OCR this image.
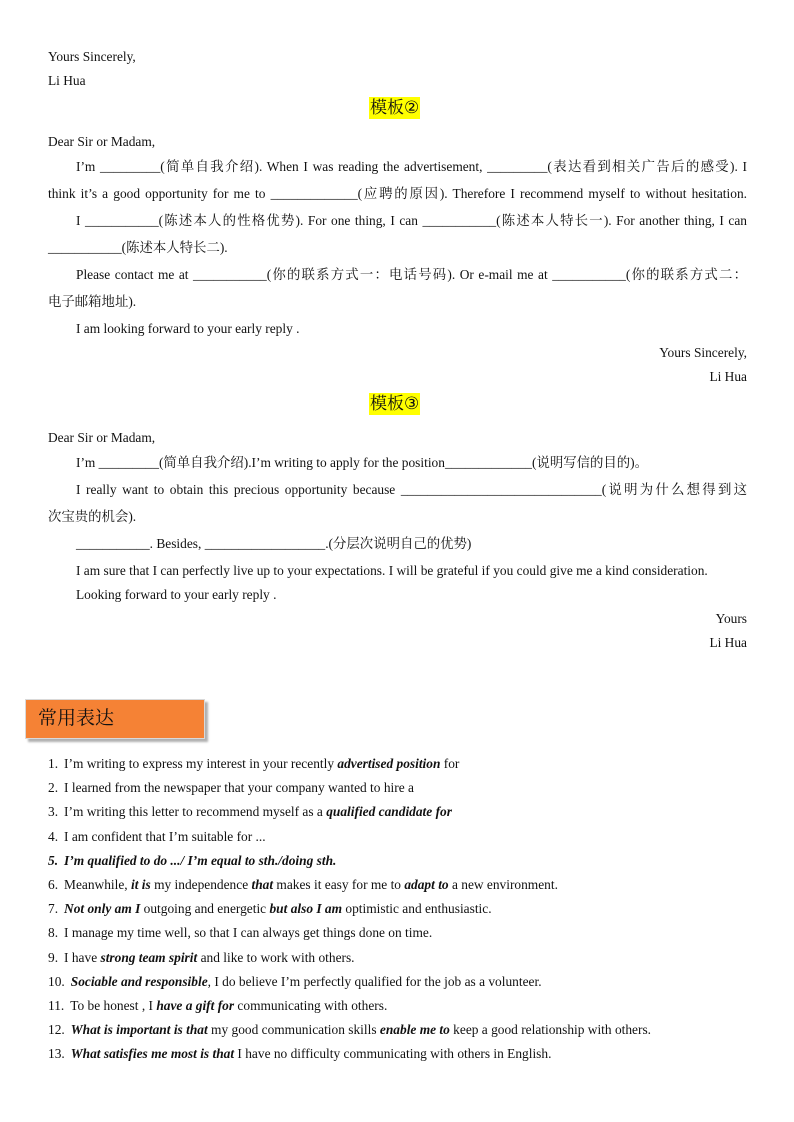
Yours Sincerely,
Li Hua
模板②
Dear Sir or Madam,
I’m _________(简单自我介绍). When I was reading the advertisement, _________(表达看到相关广告后的感受). I
think it’s a good opportunity for me to _____________(应聘的原因). Therefore I recommend myself to without hesitation.
I ___________(陈述本人的性格优势). For one thing, I can ___________(陈述本人特长一). For another thing, I can
___________(陈述本人特长二).
Please contact me at ___________(你的联系方式一：电话号码). Or e-mail me at ___________(你的联系方式二：
电子邮箱地址).
I am looking forward to your early reply .
Yours Sincerely,
Li Hua
模板③
Dear Sir or Madam,
I’m _________(简单自我介绍).I’m writing to apply for the position_____________(说明写信的目的)。
I really want to obtain this precious opportunity because ______________________________(说明为什么想得到这
次宝贵的机会).
___________. Besides, __________________.(分层次说明自己的优势)
I am sure that I can perfectly live up to your expectations. I will be grateful if you could give me a kind consideration.
Looking forward to your early reply .
Yours
Li Hua
常用表达
1. I’m writing to express my interest in your recently advertised position for
2. I learned from the newspaper that your company wanted to hire a
3. I’m writing this letter to recommend myself as a qualified candidate for
4. I am confident that I’m suitable for ...
5. I’m qualified to do .../ I’m equal to sth./doing sth.
6. Meanwhile, it is my independence that makes it easy for me to adapt to a new environment.
7. Not only am I outgoing and energetic but also I am optimistic and enthusiastic.
8. I manage my time well, so that I can always get things done on time.
9. I have strong team spirit and like to work with others.
10. Sociable and responsible, I do believe I’m perfectly qualified for the job as a volunteer.
11. To be honest , I have a gift for communicating with others.
12. What is important is that my good communication skills enable me to keep a good relationship with others.
13. What satisfies me most is that I have no difficulty communicating with others in English.
